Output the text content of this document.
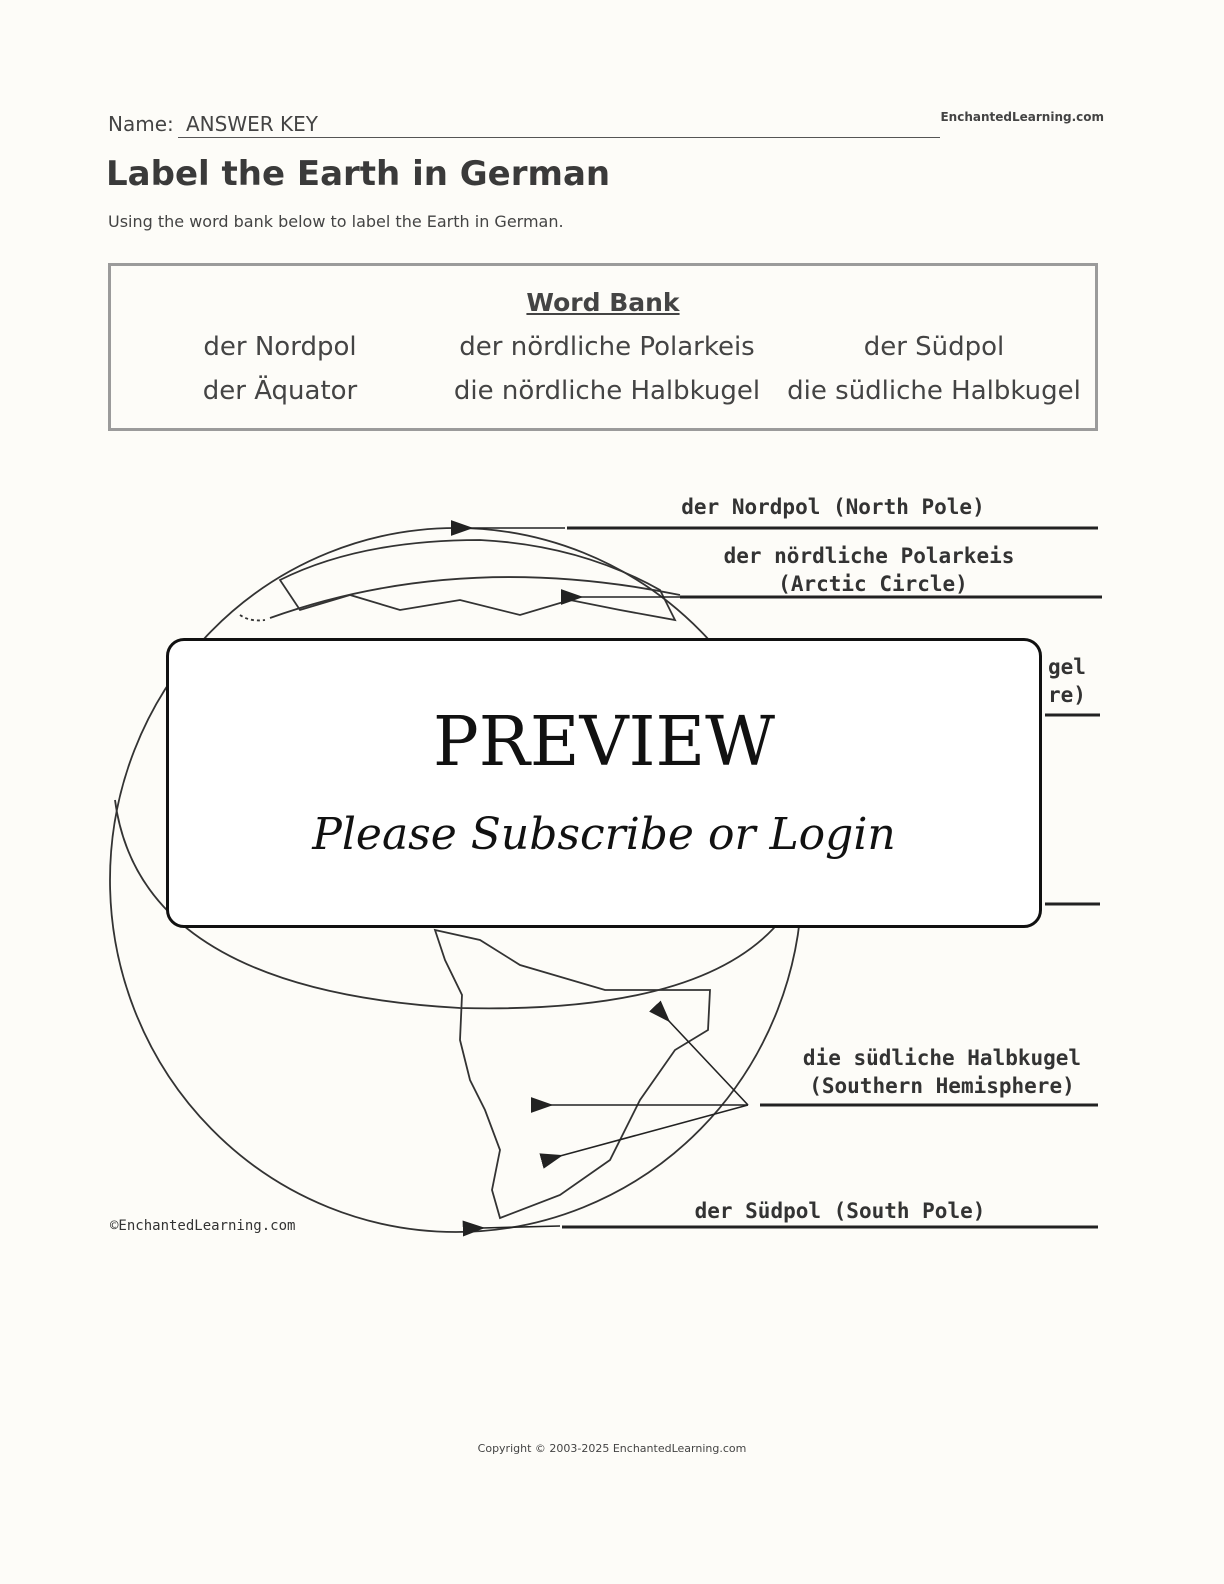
Name: ANSWER KEY	EnchantedLearning.com
Label the Earth in German
Using the word bank below to label the Earth in German.
Word Bank
der Nordpol	der nördliche Polarkeis	der Südpol
der Äquator	die nördliche Halbkugel	die südliche Halbkugel
der Nordpol (North Pole)
der nördliche Polarkeis
(Arctic Circle)
gel
re)
die südliche Halbkugel
(Southern Hemisphere)
der Südpol (South Pole)
©EnchantedLearning.com
PREVIEW
Please Subscribe or Login
Copyright © 2003-2025 EnchantedLearning.com
